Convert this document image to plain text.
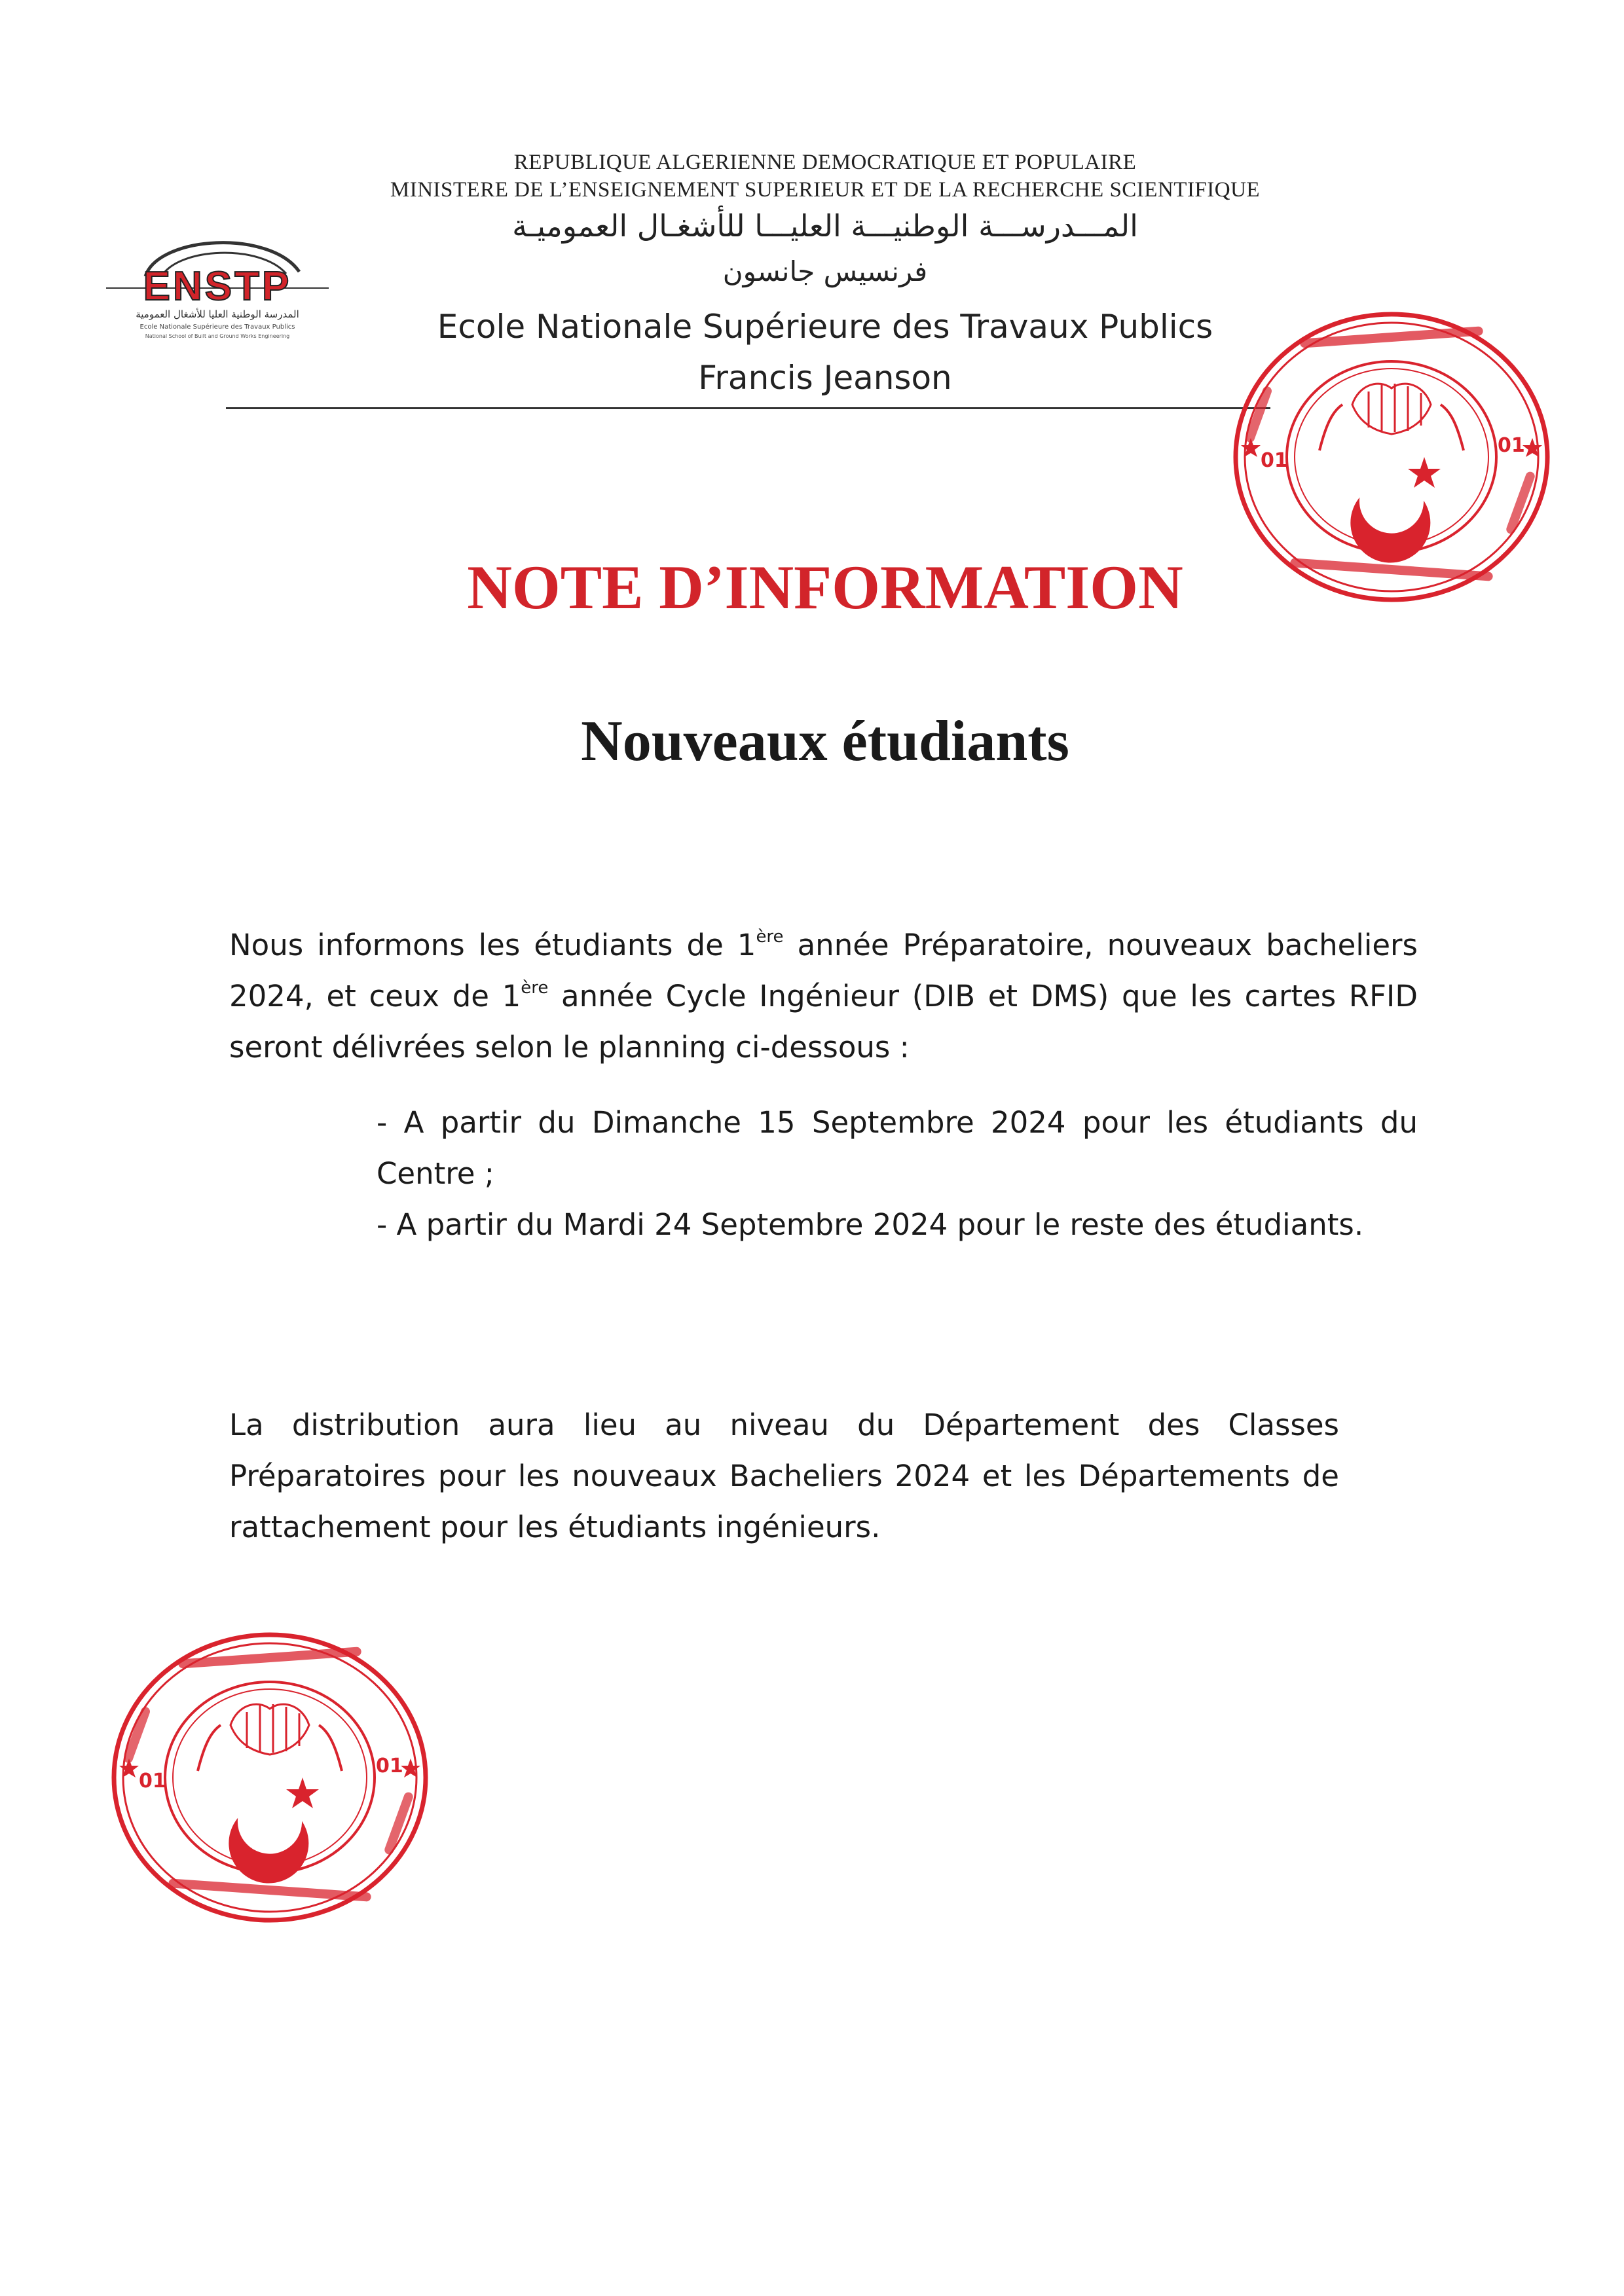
REPUBLIQUE ALGERIENNE DEMOCRATIQUE ET POPULAIRE
MINISTERE DE L’ENSEIGNEMENT SUPERIEUR ET DE LA RECHERCHE SCIENTIFIQUE
المـــدرســـة الوطنيـــة العليـــا للأشغـال العموميـة
فرنسيس جانسون
Ecole Nationale Supérieure des Travaux Publics
Francis Jeanson
ENSTP
المدرسة الوطنية العليا للأشغال العمومية
Ecole Nationale Supérieure des Travaux Publics
National School of Built and Ground Works Engineering
NOTE D’INFORMATION
Nouveaux étudiants
Nous informons les étudiants de 1ère année Préparatoire, nouveaux bacheliers 2024, et ceux de 1ère année Cycle Ingénieur (DIB et DMS) que les cartes RFID seront délivrées selon le planning ci-dessous :
- A partir du Dimanche 15 Septembre 2024 pour les étudiants du Centre ;
- A partir du Mardi 24 Septembre 2024 pour le reste des étudiants.
La distribution aura lieu au niveau du Département des Classes Préparatoires pour les nouveaux Bacheliers 2024 et les Départements de rattachement pour les étudiants ingénieurs.
01
01
01
01
